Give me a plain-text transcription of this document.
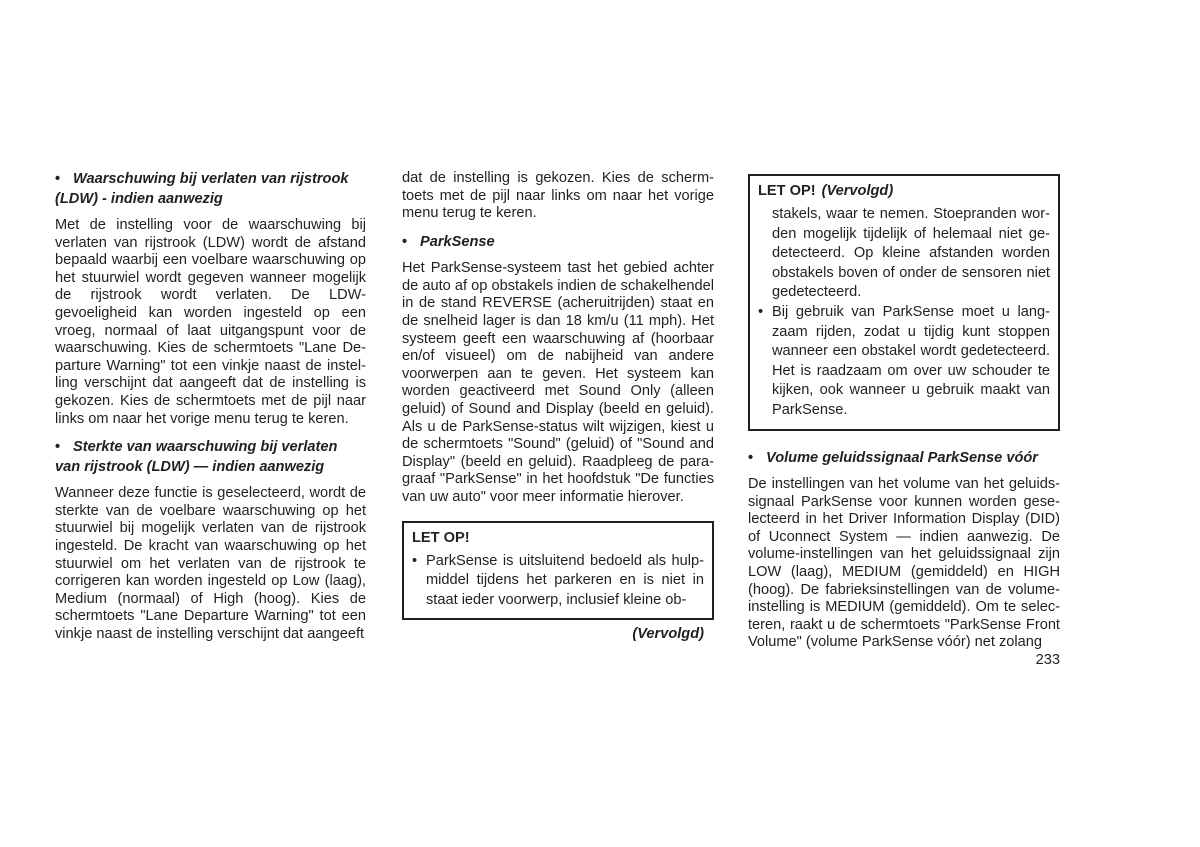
• Waarschuwing bij verlaten van rijstrook (LDW) - indien aanwezig

Met de instelling voor de waarschuwing bij verlaten van rijstrook (LDW) wordt de afstand bepaald waarbij een voelbare waarschuwing op het stuurwiel wordt gegeven wanneer mogelijk de rijstrook wordt verlaten. De LDW-gevoeligheid kan worden ingesteld op een vroeg, normaal of laat uitgangspunt voor de waarschuwing. Kies de schermtoets "Lane Departure Warning" tot een vinkje naast de instelling verschijnt dat aangeeft dat de instelling is gekozen. Kies de schermtoets met de pijl naar links om naar het vorige menu terug te keren.

• Sterkte van waarschuwing bij verlaten van rijstrook (LDW) — indien aanwezig

Wanneer deze functie is geselecteerd, wordt de sterkte van de voelbare waarschuwing op het stuurwiel bij mogelijk verlaten van de rijstrook ingesteld. De kracht van waarschuwing op het stuurwiel om het verlaten van de rijstrook te corrigeren kan worden ingesteld op Low (laag), Medium (normaal) of High (hoog). Kies de schermtoets "Lane Departure Warning" tot een vinkje naast de instelling verschijnt dat aangeeft

dat de instelling is gekozen. Kies de schermtoets met de pijl naar links om naar het vorige menu terug te keren.

• ParkSense

Het ParkSense-systeem tast het gebied achter de auto af op obstakels indien de schakelhendel in de stand REVERSE (acheruitrijden) staat en de snelheid lager is dan 18 km/u (11 mph). Het systeem geeft een waarschuwing af (hoorbaar en/of visueel) om de nabijheid van andere voorwerpen aan te geven. Het systeem kan worden geactiveerd met Sound Only (alleen geluid) of Sound and Display (beeld en geluid). Als u de ParkSense-status wilt wijzigen, kiest u de schermtoets "Sound" (geluid) of "Sound and Display" (beeld en geluid). Raadpleeg de paragraaf "ParkSense" in het hoofdstuk "De functies van uw auto" voor meer informatie hierover.

LET OP!
• ParkSense is uitsluitend bedoeld als hulpmiddel tijdens het parkeren en is niet in staat ieder voorwerp, inclusief kleine ob-
(Vervolgd)
LET OP! (Vervolgd)
stakels, waar te nemen. Stoepranden worden mogelijk tijdelijk of helemaal niet gedetecteerd. Op kleine afstanden worden obstakels boven of onder de sensoren niet gedetecteerd.
• Bij gebruik van ParkSense moet u langzaam rijden, zodat u tijdig kunt stoppen wanneer een obstakel wordt gedetecteerd. Het is raadzaam om over uw schouder te kijken, ook wanneer u gebruik maakt van ParkSense.
• Volume geluidssignaal ParkSense vóór

De instellingen van het volume van het geluidssignaal ParkSense voor kunnen worden geselecteerd in het Driver Information Display (DID) of Uconnect System — indien aanwezig. De volume-instellingen van het geluidssignaal zijn LOW (laag), MEDIUM (gemiddeld) en HIGH (hoog). De fabrieksinstellingen van de volumeinstelling is MEDIUM (gemiddeld). Om te selecteren, raakt u de schermtoets "ParkSense Front Volume" (volume ParkSense vóór) net zolang

233
